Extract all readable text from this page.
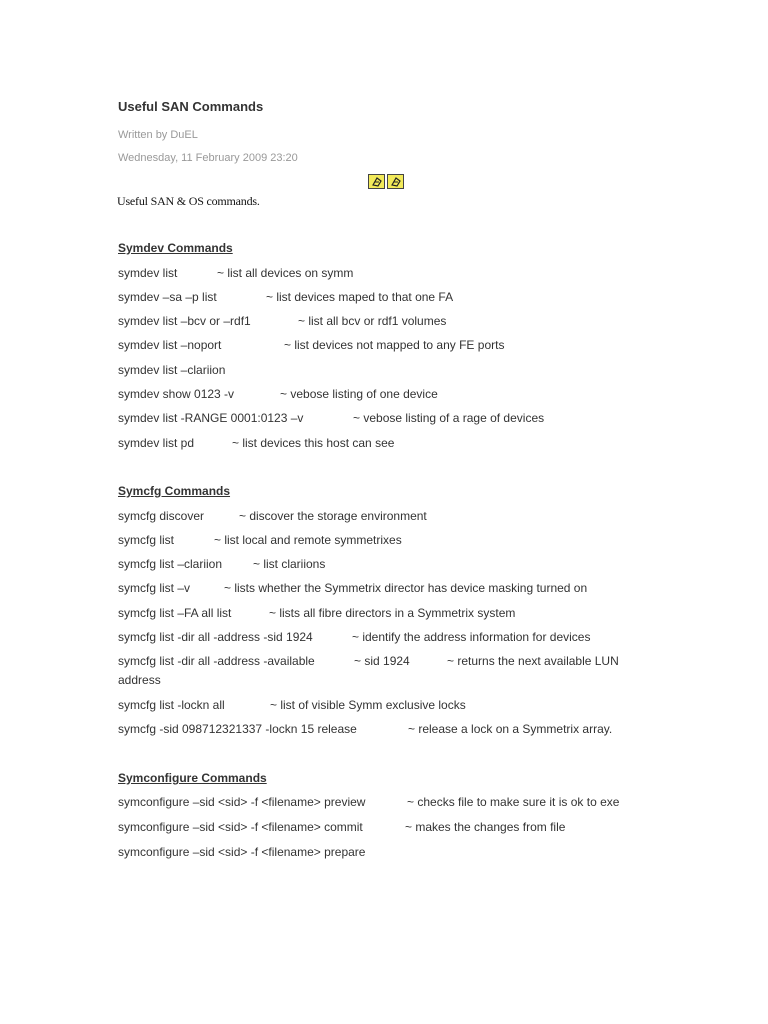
Useful SAN Commands
Written by DuEL
Wednesday, 11 February 2009 23:20
Useful SAN & OS commands.
Symdev Commands
symdev list	~ list all devices on symm
symdev –sa –p list	~ list devices maped to that one FA
symdev list –bcv or –rdf1	~ list all bcv or rdf1 volumes
symdev list –noport	~ list devices not mapped to any FE ports
symdev list –clariion
symdev show 0123 -v	~ vebose listing of one device
symdev list -RANGE 0001:0123 –v	~ vebose listing of a rage of devices
symdev list pd	~ list devices this host can see
Symcfg Commands
symcfg discover	~ discover the storage environment
symcfg list	~ list local and remote symmetrixes
symcfg list –clariion	~ list clariions
symcfg list –v	~ lists whether the Symmetrix director has device masking turned on
symcfg list –FA all list	~ lists all fibre directors in a Symmetrix system
symcfg list -dir all -address -sid 1924	~ identify the address information for devices
symcfg list -dir all -address -available	~ sid 1924	~ returns the next available LUN
address
symcfg list -lockn all	~ list of visible Symm exclusive locks
symcfg -sid 098712321337 -lockn 15 release	~ release a lock on a Symmetrix array.
Symconfigure Commands
symconfigure –sid <sid> -f <filename> preview	~ checks file to make sure it is ok to exe
symconfigure –sid <sid> -f <filename> commit	~ makes the changes from file
symconfigure –sid <sid> -f <filename> prepare
